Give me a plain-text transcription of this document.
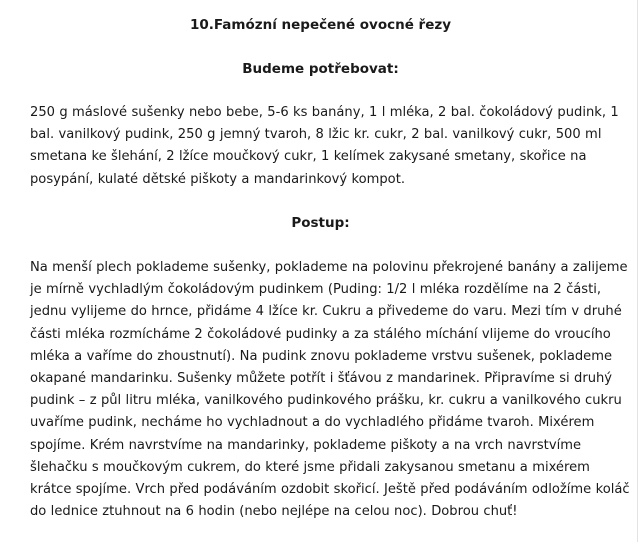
10.Famózní nepečené ovocné řezy
Budeme potřebovat:

250 g máslové sušenky nebo bebe, 5-6 ks banány, 1 l mléka, 2 bal. čokoládový pudink, 1 bal. vanilkový pudink, 250 g jemný tvaroh, 8 lžic kr. cukr, 2 bal. vanilkový cukr, 500 ml smetana ke šlehání, 2 lžíce moučkový cukr, 1 kelímek zakysané smetany, skořice na posypání, kulaté dětské piškoty a mandarinkový kompot.

Postup:

Na menší plech poklademe sušenky, poklademe na polovinu překrojené banány a zalijeme je mírně vychladlým čokoládovým pudinkem (Puding: 1/2 l mléka rozdělíme na 2 části, jednu vylijeme do hrnce, přidáme 4 lžíce kr. Cukru a přivedeme do varu. Mezi tím v druhé části mléka rozmícháme 2 čokoládové pudinky a za stálého míchání vlijeme do vroucího mléka a vaříme do zhoustnutí). Na pudink znovu poklademe vrstvu sušenek, poklademe okapané mandarinku. Sušenky můžete potřít i šťávou z mandarinek. Připravíme si druhý pudink – z půl litru mléka, vanilkového pudinkového prášku, kr. cukru a vanilkového cukru uvaříme pudink, necháme ho vychladnout a do vychladlého přidáme tvaroh. Mixérem spojíme. Krém navrstvíme na mandarinky, poklademe piškoty a na vrch navrstvíme šlehačku s moučkovým cukrem, do které jsme přidali zakysanou smetanu a mixérem krátce spojíme. Vrch před podáváním ozdobit skořicí. Ještě před podáváním odložíme koláč do lednice ztuhnout na 6 hodin (nebo nejlépe na celou noc). Dobrou chuť!
